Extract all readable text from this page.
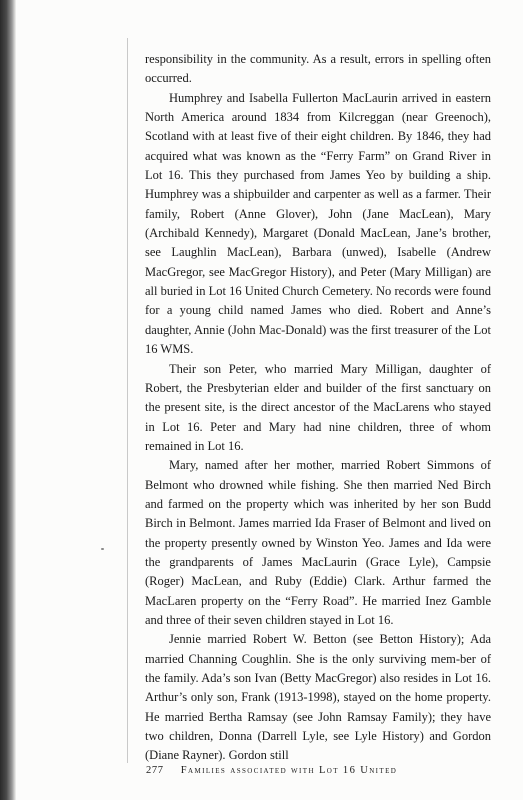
responsibility in the community. As a result, errors in spelling often occurred.

Humphrey and Isabella Fullerton MacLaurin arrived in eastern North America around 1834 from Kilcreggan (near Greenoch), Scotland with at least five of their eight children. By 1846, they had acquired what was known as the “Ferry Farm” on Grand River in Lot 16. This they purchased from James Yeo by building a ship. Humphrey was a shipbuilder and carpenter as well as a farmer. Their family, Robert (Anne Glover), John (Jane MacLean), Mary (Archibald Kennedy), Margaret (Donald MacLean, Jane’s brother, see Laughlin MacLean), Barbara (unwed), Isabelle (Andrew MacGregor, see MacGregor History), and Peter (Mary Milligan) are all buried in Lot 16 United Church Cemetery. No records were found for a young child named James who died. Robert and Anne’s daughter, Annie (John Mac-Donald) was the first treasurer of the Lot 16 WMS.

Their son Peter, who married Mary Milligan, daughter of Robert, the Presbyterian elder and builder of the first sanctuary on the present site, is the direct ancestor of the MacLarens who stayed in Lot 16. Peter and Mary had nine children, three of whom remained in Lot 16.

Mary, named after her mother, married Robert Simmons of Belmont who drowned while fishing. She then married Ned Birch and farmed on the property which was inherited by her son Budd Birch in Belmont. James married Ida Fraser of Belmont and lived on the property presently owned by Winston Yeo. James and Ida were the grandparents of James MacLaurin (Grace Lyle), Campsie (Roger) MacLean, and Ruby (Eddie) Clark. Arthur farmed the MacLaren property on the “Ferry Road”. He married Inez Gamble and three of their seven children stayed in Lot 16.

Jennie married Robert W. Betton (see Betton History); Ada married Channing Coughlin. She is the only surviving mem-ber of the family. Ada’s son Ivan (Betty MacGregor) also resides in Lot 16. Arthur’s only son, Frank (1913-1998), stayed on the home property. He married Bertha Ramsay (see John Ramsay Family); they have two children, Donna (Darrell Lyle, see Lyle History) and Gordon (Diane Rayner). Gordon still

277 Families associated with Lot 16 United
